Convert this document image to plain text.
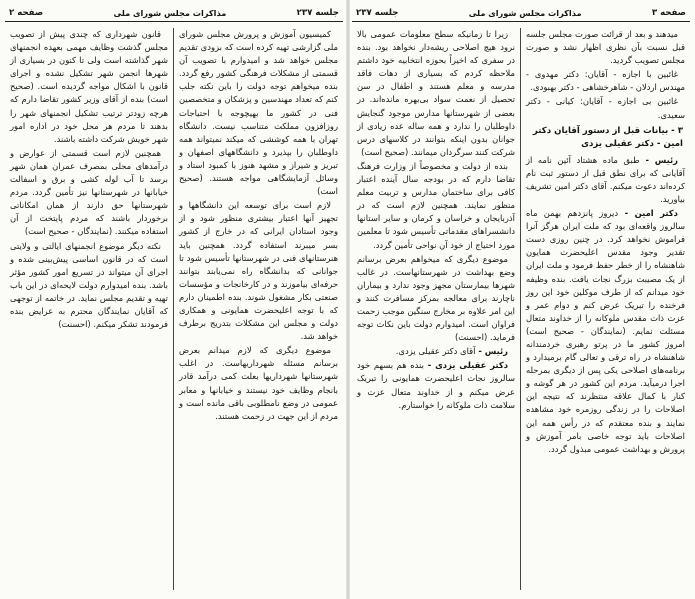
صفحه ۲	مذاکرات مجلس شورای ملی	جلسه ۲۳۷

کمیسیون آموزش و پرورش مجلس شورای ملی گزارشی تهیه کرده است که بزودی تقدیم مجلس خواهد شد و امیدوارم با تصویب آن قسمتی از مشکلات فرهنگی کشور رفع گردد. بنده میخواهم توجه دولت را باین نکته جلب کنم که تعداد مهندسین و پزشکان و متخصصین فنی در کشور ما بهیچوجه با احتیاجات روزافزون مملکت متناسب نیست. دانشگاه تهران با همه کوششی که میکند نمیتواند همه داوطلبان را بپذیرد و دانشگاههای اصفهان و تبریز و شیراز و مشهد هنوز با کمبود استاد و وسائل آزمایشگاهی مواجه هستند. (صحیح است)

لازم است برای توسعه این دانشگاهها و تجهیز آنها اعتبار بیشتری منظور شود و از وجود استادان ایرانی که در خارج از کشور بسر میبرند استفاده گردد. همچنین باید هنرستانهای فنی در شهرستانها تأسیس شود تا جوانانی که بدانشگاه راه نمی‌یابند بتوانند حرفه‌ای بیاموزند و در کارخانجات و مؤسسات صنعتی بکار مشغول شوند. بنده اطمینان دارم که با توجه اعلیحضرت همایونی و همکاری دولت و مجلس این مشکلات بتدریج برطرف خواهد شد.

موضوع دیگری که لازم میدانم بعرض برسانم مسئله شهرداریهاست. در اغلب شهرستانها شهرداریها بعلت کمی درآمد قادر بانجام وظایف خود نیستند و خیابانها و معابر عمومی در وضع نامطلوبی باقی مانده است و مردم از این جهت در زحمت هستند.

قانون شهرداری که چندی پیش از تصویب مجلس گذشت وظایف مهمی بعهده انجمنهای شهر گذاشته است ولی تا کنون در بسیاری از شهرها انجمن شهر تشکیل نشده و اجرای قانون با اشکال مواجه گردیده است. (صحیح است) بنده از آقای وزیر کشور تقاضا دارم که هرچه زودتر ترتیب تشکیل انجمنهای شهر را بدهند تا مردم هر محل خود در اداره امور شهر خویش شرکت داشته باشند.

همچنین لازم است قسمتی از عوارض و درآمدهای محلی بمصرف عمران همان شهر برسد تا آب لوله کشی و برق و اسفالت خیابانها در شهرستانها نیز تأمین گردد. مردم شهرستانها حق دارند از همان امکاناتی برخوردار باشند که مردم پایتخت از آن استفاده میکنند. (نمایندگان - صحیح است)

نکته دیگر موضوع انجمنهای ایالتی و ولایتی است که در قانون اساسی پیش‌بینی شده و اجرای آن میتواند در تسریع امور کشور مؤثر باشد. بنده امیدوارم دولت لایحه‌ای در این باب تهیه و تقدیم مجلس نماید. در خاتمه از توجهی که آقایان نمایندگان محترم به عرایض بنده فرمودند تشکر میکنم. (احسنت)

جلسه ۲۳۷	مذاکرات مجلس شورای ملی	صفحه ۳

میدهند و بعد از قرائت صورت مجلس جلسه قبل نسبت بآن نظری اظهار نشد و صورت مجلس تصویب گردید.

غائبین با اجازه - آقایان: دکتر مهدوی - مهندس اردلان - شاهرخشاهی - دکتر بهبودی.

غائبین بی اجازه - آقایان: کیانی - دکتر سعیدی.

۳ - بیانات قبل از دستور آقایان دکتر امین - دکتر عقیلی یزدی

رئیس - طبق ماده هشتاد آئین نامه از آقایانی که برای نطق قبل از دستور ثبت نام کرده‌اند دعوت میکنم. آقای دکتر امین تشریف بیاورید.

دکتر امین - دیروز پانزدهم بهمن ماه سالروز واقعه‌ای بود که ملت ایران هرگز آنرا فراموش نخواهد کرد. در چنین روزی دست تقدیر وجود مقدس اعلیحضرت همایون شاهنشاه را از خطر حفظ فرمود و ملت ایران از یک مصیبت بزرگ نجات یافت. بنده وظیفه خود میدانم که از طرف موکلین خود این روز فرخنده را تبریک عرض کنم و دوام عمر و عزت ذات مقدس ملوکانه را از خداوند متعال مسئلت نمایم. (نمایندگان - صحیح است) امروز کشور ما در پرتو رهبری خردمندانه شاهنشاه در راه ترقی و تعالی گام برمیدارد و برنامه‌های اصلاحی یکی پس از دیگری بمرحله اجرا درمیآید. مردم این کشور در هر گوشه و کنار با کمال علاقه منتظرند که نتیجه این اصلاحات را در زندگی روزمره خود مشاهده نمایند و بنده معتقدم که در رأس همه این اصلاحات باید توجه خاصی بامر آموزش و پرورش و بهداشت عمومی مبذول گردد.

زیرا تا زمانیکه سطح معلومات عمومی بالا نرود هیچ اصلاحی ریشه‌دار نخواهد بود. بنده در سفری که اخیراً بحوزه انتخابیه خود داشتم ملاحظه کردم که بسیاری از دهات فاقد مدرسه و معلم هستند و اطفال در سن تحصیل از نعمت سواد بی‌بهره مانده‌اند. در بعضی از شهرستانها مدارس موجود گنجایش داوطلبان را ندارد و همه ساله عده زیادی از جوانان بدون اینکه بتوانند در کلاسهای درس شرکت کنند سرگردان میمانند. (صحیح است)

بنده از دولت و مخصوصاً از وزارت فرهنگ تقاضا دارم که در بودجه سال آینده اعتبار کافی برای ساختمان مدارس و تربیت معلم منظور نمایند. همچنین لازم است که در آذربایجان و خراسان و کرمان و سایر استانها دانشسراهای مقدماتی تأسیس شود تا معلمین مورد احتیاج از خود آن نواحی تأمین گردد.

موضوع دیگری که میخواهم بعرض برسانم وضع بهداشت در شهرستانهاست. در غالب شهرها بیمارستان مجهز وجود ندارد و بیماران ناچارند برای معالجه بمرکز مسافرت کنند و این امر علاوه بر مخارج سنگین موجب زحمت فراوان است. امیدوارم دولت باین نکات توجه فرماید. (احسنت)

رئیس - آقای دکتر عقیلی یزدی.

دکتر عقیلی یزدی - بنده هم بسهم خود سالروز نجات اعلیحضرت همایونی را تبریک عرض میکنم و از خداوند متعال عزت و سلامت ذات ملوکانه را خواستارم.
